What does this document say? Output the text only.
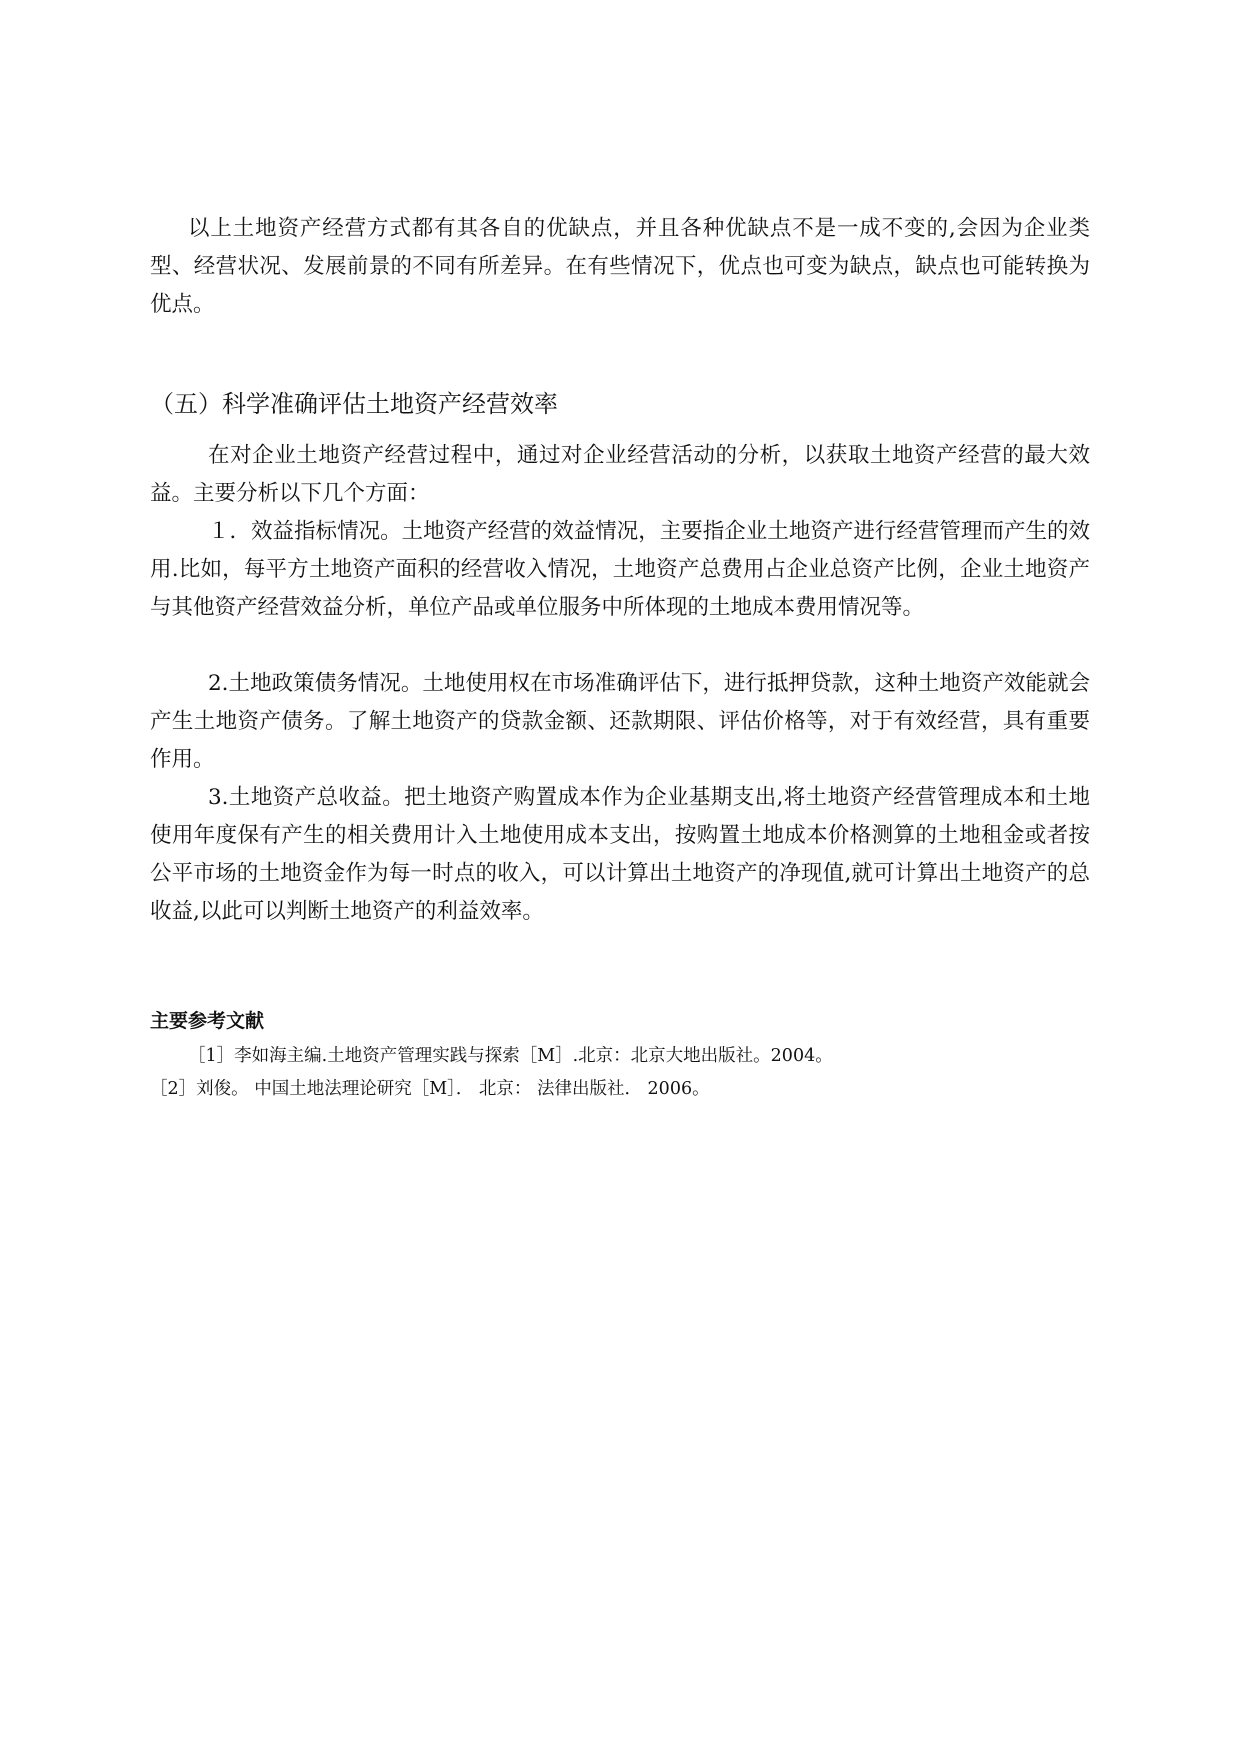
以上土地资产经营方式都有其各自的优缺点，并且各种优缺点不是一成不变的,会因为企业类型、经营状况、发展前景的不同有所差异。在有些情况下，优点也可变为缺点，缺点也可能转换为优点。

（五）科学准确评估土地资产经营效率

在对企业土地资产经营过程中，通过对企业经营活动的分析，以获取土地资产经营的最大效益。主要分析以下几个方面：

１．效益指标情况。土地资产经营的效益情况，主要指企业土地资产进行经营管理而产生的效用.比如，每平方土地资产面积的经营收入情况，土地资产总费用占企业总资产比例，企业土地资产与其他资产经营效益分析，单位产品或单位服务中所体现的土地成本费用情况等。

2.土地政策债务情况。土地使用权在市场准确评估下，进行抵押贷款，这种土地资产效能就会产生土地资产债务。了解土地资产的贷款金额、还款期限、评估价格等，对于有效经营，具有重要作用。

3.土地资产总收益。把土地资产购置成本作为企业基期支出,将土地资产经营管理成本和土地使用年度保有产生的相关费用计入土地使用成本支出，按购置土地成本价格测算的土地租金或者按公平市场的土地资金作为每一时点的收入，可以计算出土地资产的净现值,就可计算出土地资产的总收益,以此可以判断土地资产的利益效率。

主要参考文献

［1］李如海主编.土地资产管理实践与探索［M］.北京：北京大地出版社。2004。

［2］刘俊。 中国土地法理论研究［M］． 北京： 法律出版社． 2006。
